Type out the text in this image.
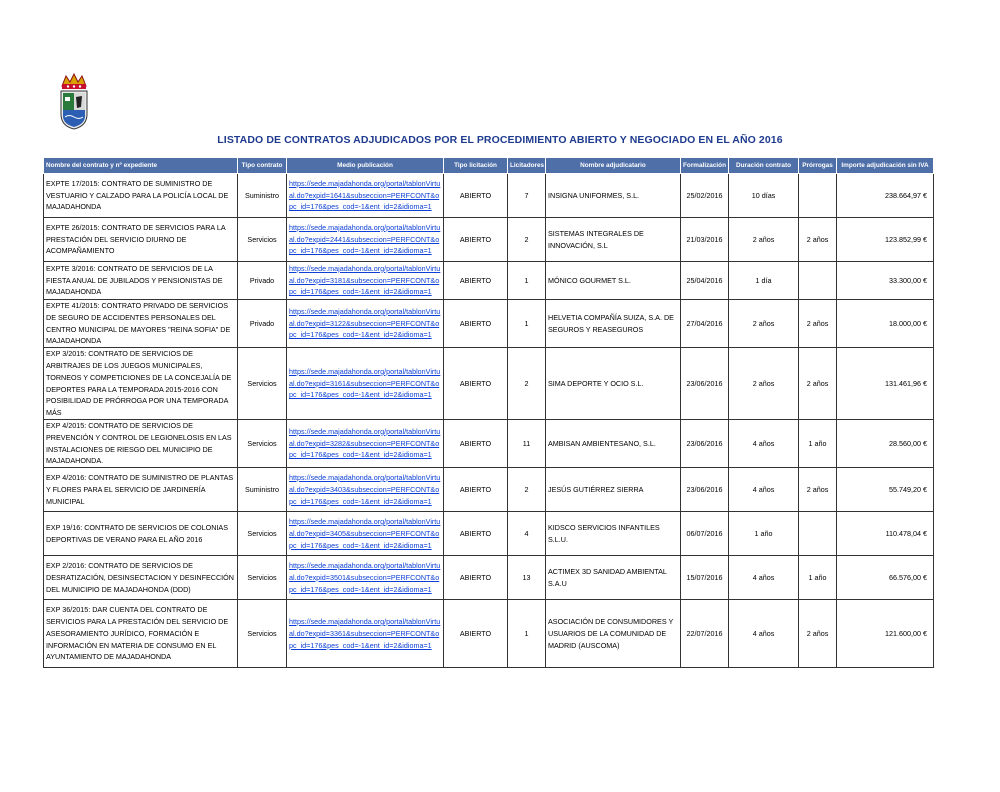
LISTADO DE CONTRATOS ADJUDICADOS POR EL PROCEDIMIENTO ABIERTO Y NEGOCIADO EN EL AÑO 2016
Nombre del contrato y nº expediente	Tipo contrato	Medio publicación	Tipo licitación	Licitadores	Nombre adjudicatario	Formalización	Duración contrato	Prórrogas	Importe adjudicación sin IVA
EXPTE 17/2015: CONTRATO DE SUMINISTRO DE VESTUARIO Y CALZADO PARA LA POLICÍA LOCAL DE MAJADAHONDA	Suministro	https://sede.majadahonda.org/portal/tablonVirtual.do?expid=1641&subseccion=PERFCONT&opc_id=176&pes_cod=-1&ent_id=2&idioma=1	ABIERTO	7	INSIGNA UNIFORMES, S.L.	25/02/2016	10 días		238.664,97 €
EXPTE 26/2015: CONTRATO DE SERVICIOS PARA LA PRESTACIÓN DEL SERVICIO DIURNO DE ACOMPAÑAMIENTO	Servicios	https://sede.majadahonda.org/portal/tablonVirtual.do?expid=2441&subseccion=PERFCONT&opc_id=176&pes_cod=-1&ent_id=2&idioma=1	ABIERTO	2	SISTEMAS INTEGRALES DE INNOVACIÓN, S.L	21/03/2016	2 años	2 años	123.852,99 €
EXPTE 3/2016: CONTRATO DE SERVICIOS DE LA FIESTA ANUAL DE JUBILADOS Y PENSIONISTAS DE MAJADAHONDA	Privado	https://sede.majadahonda.org/portal/tablonVirtual.do?expid=3181&subseccion=PERFCONT&opc_id=176&pes_cod=-1&ent_id=2&idioma=1	ABIERTO	1	MÓNICO GOURMET S.L.	25/04/2016	1 día		33.300,00 €
EXPTE 41/2015: CONTRATO PRIVADO DE SERVICIOS DE SEGURO DE ACCIDENTES PERSONALES DEL CENTRO MUNICIPAL DE MAYORES "REINA SOFIA" DE MAJADAHONDA	Privado	https://sede.majadahonda.org/portal/tablonVirtual.do?expid=3122&subseccion=PERFCONT&opc_id=176&pes_cod=-1&ent_id=2&idioma=1	ABIERTO	1	HELVETIA COMPAÑÍA SUIZA, S.A. DE SEGUROS Y REASEGUROS	27/04/2016	2 años	2 años	18.000,00 €
EXP 3/2015: CONTRATO DE SERVICIOS DE ARBITRAJES DE LOS JUEGOS MUNICIPALES, TORNEOS Y COMPETICIONES DE LA CONCEJALÍA DE DEPORTES PARA LA TEMPORADA 2015-2016 CON POSIBILIDAD DE PRÓRROGA POR UNA TEMPORADA MÁS	Servicios	https://sede.majadahonda.org/portal/tablonVirtual.do?expid=3161&subseccion=PERFCONT&opc_id=176&pes_cod=-1&ent_id=2&idioma=1	ABIERTO	2	SIMA DEPORTE Y OCIO S.L.	23/06/2016	2 años	2 años	131.461,96 €
EXP 4/2015: CONTRATO DE SERVICIOS DE PREVENCIÓN Y CONTROL DE LEGIONELOSIS EN LAS INSTALACIONES DE RIESGO DEL MUNICIPIO DE MAJADAHONDA.	Servicios	https://sede.majadahonda.org/portal/tablonVirtual.do?expid=3282&subseccion=PERFCONT&opc_id=176&pes_cod=-1&ent_id=2&idioma=1	ABIERTO	11	AMBISAN AMBIENTESANO, S.L.	23/06/2016	4 años	1 año	28.560,00 €
EXP 4/2016: CONTRATO DE SUMINISTRO DE PLANTAS Y FLORES PARA EL SERVICIO DE JARDINERÍA MUNICIPAL	Suministro	https://sede.majadahonda.org/portal/tablonVirtual.do?expid=3403&subseccion=PERFCONT&opc_id=176&pes_cod=-1&ent_id=2&idioma=1	ABIERTO	2	JESÚS GUTIÉRREZ SIERRA	23/06/2016	4 años	2 años	55.749,20 €
EXP 19/16: CONTRATO DE SERVICIOS DE COLONIAS DEPORTIVAS DE VERANO PARA EL AÑO 2016	Servicios	https://sede.majadahonda.org/portal/tablonVirtual.do?expid=3405&subseccion=PERFCONT&opc_id=176&pes_cod=-1&ent_id=2&idioma=1	ABIERTO	4	KIDSCO SERVICIOS INFANTILES S.L.U.	06/07/2016	1 año		110.478,04 €
EXP 2/2016: CONTRATO DE SERVICIOS DE DESRATIZACIÓN, DESINSECTACION Y DESINFECCIÓN DEL MUNICIPIO DE MAJADAHONDA (DDD)	Servicios	https://sede.majadahonda.org/portal/tablonVirtual.do?expid=3501&subseccion=PERFCONT&opc_id=176&pes_cod=-1&ent_id=2&idioma=1	ABIERTO	13	ACTIMEX 3D SANIDAD AMBIENTAL S.A.U	15/07/2016	4 años	1 año	66.576,00 €
EXP 36/2015: DAR CUENTA DEL CONTRATO DE SERVICIOS PARA LA PRESTACIÓN DEL SERVICIO DE ASESORAMIENTO JURÍDICO, FORMACIÓN E INFORMACIÓN EN MATERIA DE CONSUMO EN EL AYUNTAMIENTO DE MAJADAHONDA	Servicios	https://sede.majadahonda.org/portal/tablonVirtual.do?expid=3361&subseccion=PERFCONT&opc_id=176&pes_cod=-1&ent_id=2&idioma=1	ABIERTO	1	ASOCIACIÓN DE CONSUMIDORES Y USUARIOS DE LA COMUNIDAD DE MADRID (AUSCOMA)	22/07/2016	4 años	2 años	121.600,00 €
